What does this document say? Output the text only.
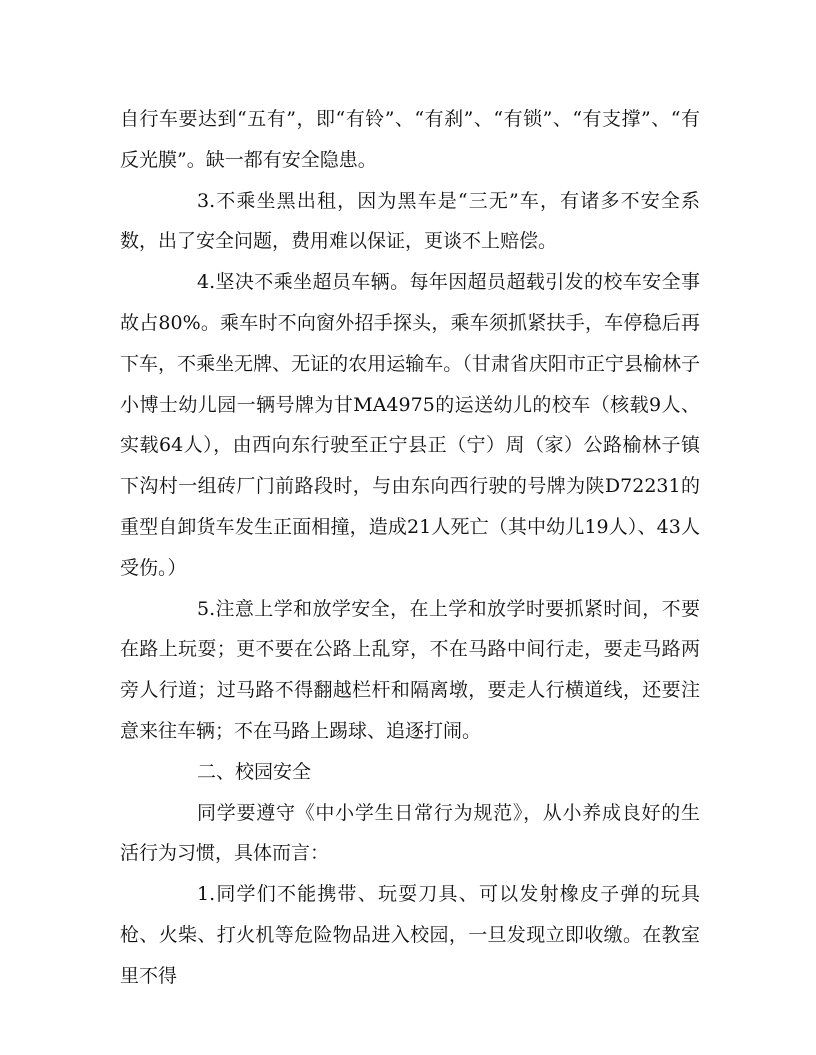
自行车要达到“五有”，即“有铃”、“有刹”、“有锁”、“有支撑”、“有反光膜”。缺一都有安全隐患。

3.不乘坐黑出租，因为黑车是“三无”车，有诸多不安全系数，出了安全问题，费用难以保证，更谈不上赔偿。

4.坚决不乘坐超员车辆。每年因超员超载引发的校车安全事故占80%。乘车时不向窗外招手探头，乘车须抓紧扶手，车停稳后再下车，不乘坐无牌、无证的农用运输车。（甘肃省庆阳市正宁县榆林子小博士幼儿园一辆号牌为甘MA4975的运送幼儿的校车（核载9人、实载64人），由西向东行驶至正宁县正（宁）周（家）公路榆林子镇下沟村一组砖厂门前路段时，与由东向西行驶的号牌为陕D72231的重型自卸货车发生正面相撞，造成21人死亡（其中幼儿19人）、43人受伤。）

5.注意上学和放学安全，在上学和放学时要抓紧时间，不要在路上玩耍；更不要在公路上乱穿，不在马路中间行走，要走马路两旁人行道；过马路不得翻越栏杆和隔离墩，要走人行横道线，还要注意来往车辆；不在马路上踢球、追逐打闹。

二、校园安全

同学要遵守《中小学生日常行为规范》，从小养成良好的生活行为习惯，具体而言：

1.同学们不能携带、玩耍刀具、可以发射橡皮子弹的玩具枪、火柴、打火机等危险物品进入校园，一旦发现立即收缴。在教室里不得
